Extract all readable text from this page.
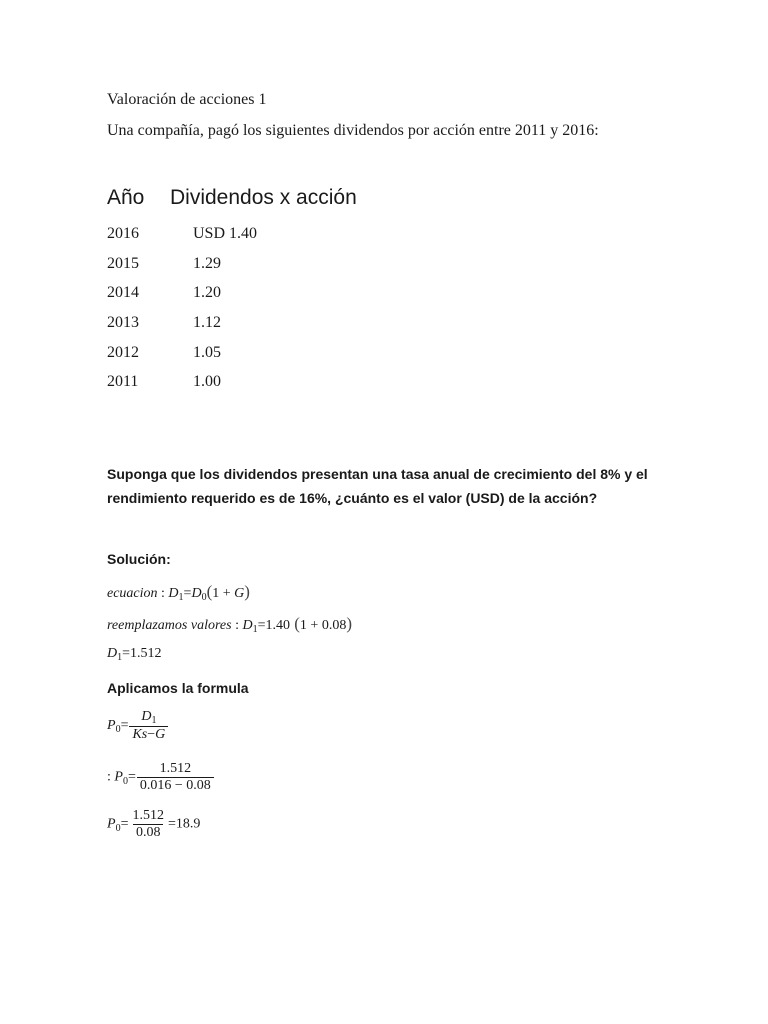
Valoración de acciones 1
Una compañía, pagó los siguientes dividendos por acción entre 2011 y 2016:
Año Dividendos x acción
2016	USD 1.40
2015	1.29
2014	1.20
2013	1.12
2012	1.05
2011	1.00
Suponga que los dividendos presentan una tasa anual de crecimiento del 8% y el rendimiento requerido es de 16%, ¿cuánto es el valor (USD) de la acción?
Solución:
ecuacion : $D_1=D_0(1 + G)$
reemplazamos valores : $D_1=1.40$ (1 + 0.08)
$D_1=1.512$
Aplicamos la formula
$P_0= \frac{D_1}{Ks-G}$
: $P_0= \frac{1.512}{0.016 - 0.08}$
$P_0= \frac{1.512}{0.08} =18.9$
